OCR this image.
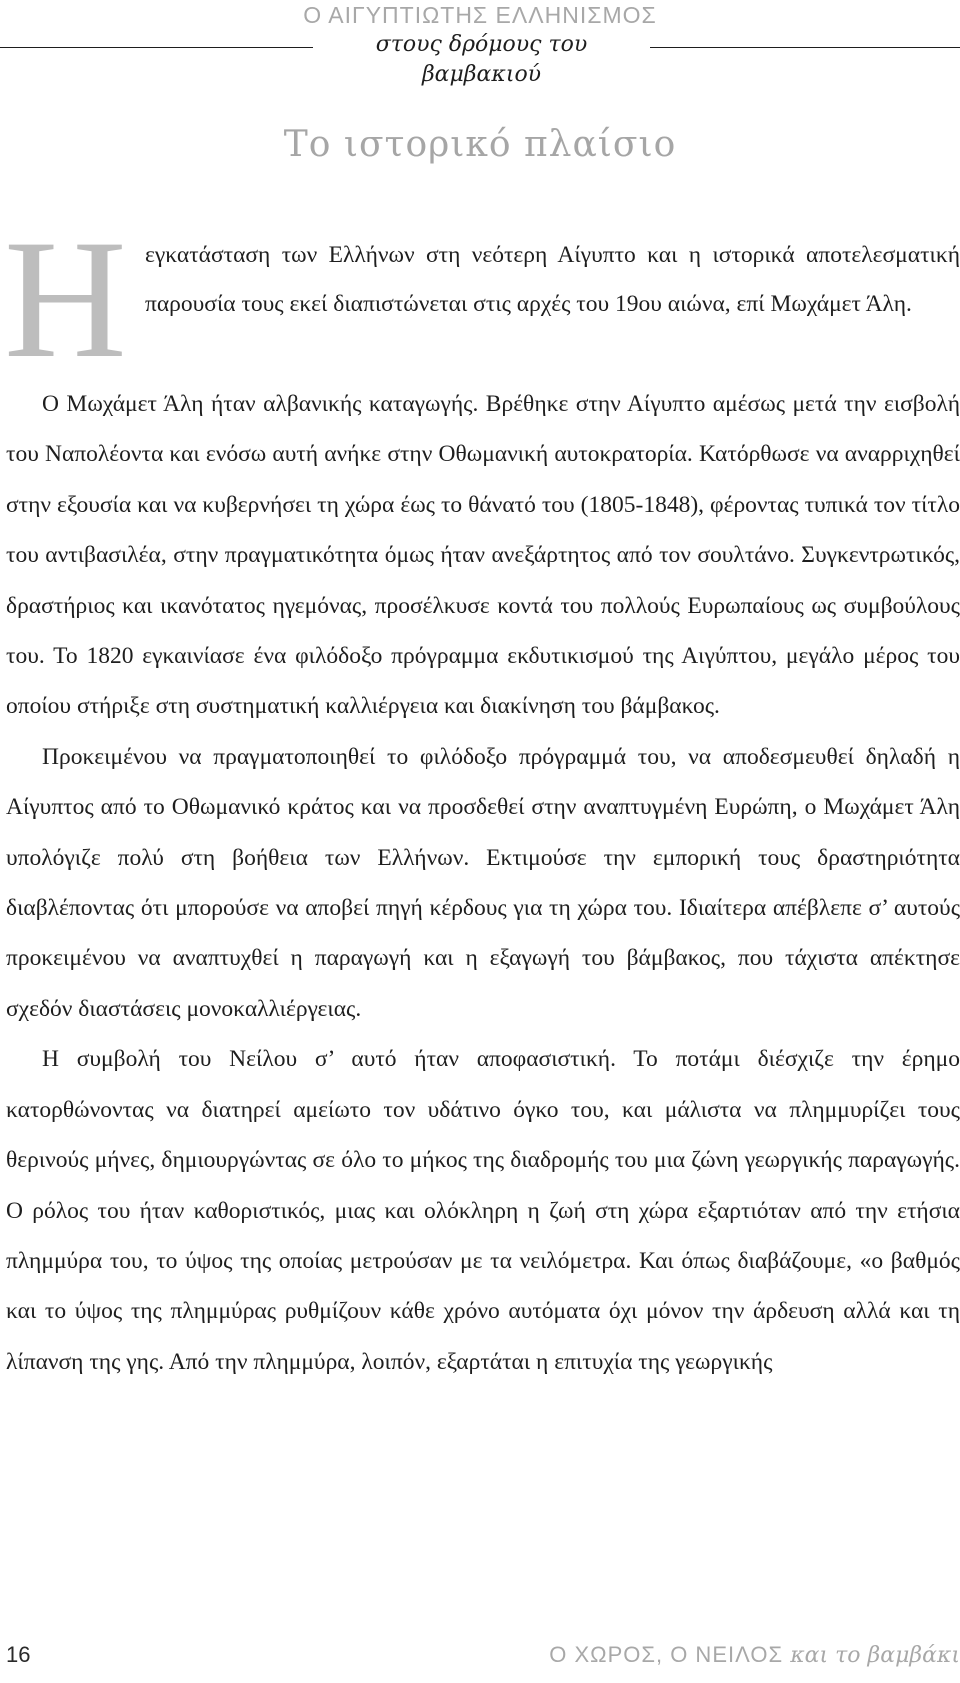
Ο ΑΙΓΥΠΤΙΩΤΗΣ ΕΛΛΗΝΙΣΜΟΣ
στους δρόμους του βαμβακιού
Το ιστορικό πλαίσιο
Η εγκατάσταση των Ελλήνων στη νεότερη Αίγυπτο και η ιστορικά αποτελεσματική παρουσία τους εκεί διαπιστώνεται στις αρχές του 19ου αιώνα, επί Μωχάμετ Άλη.

Ο Μωχάμετ Άλη ήταν αλβανικής καταγωγής. Βρέθηκε στην Αίγυπτο αμέσως μετά την εισβολή του Ναπολέοντα και ενόσω αυτή ανήκε στην Οθωμανική αυτοκρατορία. Κατόρθωσε να αναρριχηθεί στην εξουσία και να κυβερνήσει τη χώρα έως το θάνατό του (1805-1848), φέροντας τυπικά τον τίτλο του αντιβασιλέα, στην πραγματικότητα όμως ήταν ανεξάρτητος από τον σουλτάνο. Συγκεντρωτικός, δραστήριος και ικανότατος ηγεμόνας, προσέλκυσε κοντά του πολλούς Ευρωπαίους ως συμβούλους του. Το 1820 εγκαινίασε ένα φιλόδοξο πρόγραμμα εκδυτικισμού της Αιγύπτου, μεγάλο μέρος του οποίου στήριξε στη συστηματική καλλιέργεια και διακίνηση του βάμβακος.

Προκειμένου να πραγματοποιηθεί το φιλόδοξο πρόγραμμά του, να αποδεσμευθεί δηλαδή η Αίγυπτος από το Οθωμανικό κράτος και να προσδεθεί στην αναπτυγμένη Ευρώπη, ο Μωχάμετ Άλη υπολόγιζε πολύ στη βοήθεια των Ελλήνων. Εκτιμούσε την εμπορική τους δραστηριότητα διαβλέποντας ότι μπορούσε να αποβεί πηγή κέρδους για τη χώρα του. Ιδιαίτερα απέβλεπε σ’ αυτούς προκειμένου να αναπτυχθεί η παραγωγή και η εξαγωγή του βάμβακος, που τάχιστα απέκτησε σχεδόν διαστάσεις μονοκαλλιέργειας.

Η συμβολή του Νείλου σ’ αυτό ήταν αποφασιστική. Το ποτάμι διέσχιζε την έρημο κατορθώνοντας να διατηρεί αμείωτο τον υδάτινο όγκο του, και μάλιστα να πλημμυρίζει τους θερινούς μήνες, δημιουργώντας σε όλο το μήκος της διαδρομής του μια ζώνη γεωργικής παραγωγής. Ο ρόλος του ήταν καθοριστικός, μιας και ολόκληρη η ζωή στη χώρα εξαρτιόταν από την ετήσια πλημμύρα του, το ύψος της οποίας μετρούσαν με τα νειλόμετρα. Και όπως διαβάζουμε, «ο βαθμός και το ύψος της πλημμύρας ρυθμίζουν κάθε χρόνο αυτόματα όχι μόνον την άρδευση αλλά και τη λίπανση της γης. Από την πλημμύρα, λοιπόν, εξαρτάται η επιτυχία της γεωργικής

16	Ο ΧΩΡΟΣ, Ο ΝΕΙΛΟΣ και το βαμβάκι
